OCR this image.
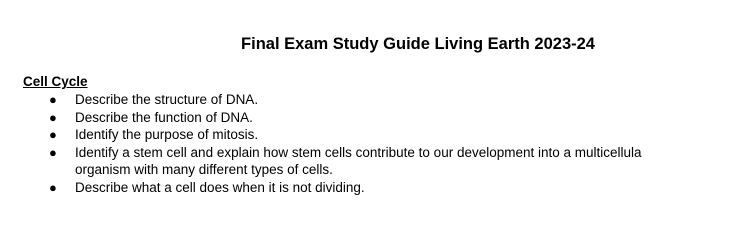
Final Exam Study Guide Living Earth 2023-24
Cell Cycle
● Describe the structure of DNA.
● Describe the function of DNA.
● Identify the purpose of mitosis.
● Identify a stem cell and explain how stem cells contribute to our development into a multicellula
organism with many different types of cells.
● Describe what a cell does when it is not dividing.
